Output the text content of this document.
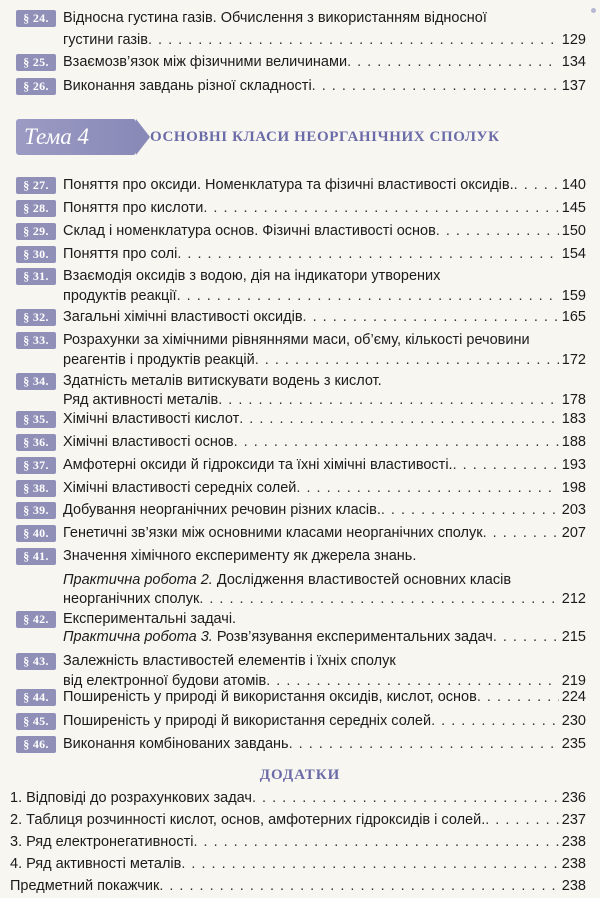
§ 24. Відносна густина газів. Обчислення з використанням відносної
густини газів . . .	129
§ 25. Взаємозв’язок між фізичними величинами . . .	134
§ 26. Виконання завдань різної складності . . .	137
Тема 4	ОСНОВНІ КЛАСИ НЕОРГАНІЧНИХ СПОЛУК
§ 27. Поняття про оксиди. Номенклатура та фізичні властивості оксидів. . . .	140
§ 28. Поняття про кислоти . . .	145
§ 29. Склад і номенклатура основ. Фізичні властивості основ . . .	150
§ 30. Поняття про солі . . .	154
§ 31. Взаємодія оксидів з водою, дія на індикатори утворених
продуктів реакції . . .	159
§ 32. Загальні хімічні властивості оксидів . . .	165
§ 33. Розрахунки за хімічними рівняннями маси, об’єму, кількості речовини
реагентів і продуктів реакцій . . .	172
§ 34. Здатність металів витискувати водень з кислот.
Ряд активності металів . . .	178
§ 35. Хімічні властивості кислот . . .	183
§ 36. Хімічні властивості основ . . .	188
§ 37. Амфотерні оксиди й гідроксиди та їхні хімічні властивості. . . .	193
§ 38. Хімічні властивості середніх солей . . .	198
§ 39. Добування неорганічних речовин різних класів. . . .	203
§ 40. Генетичні зв’язки між основними класами неорганічних сполук . . .	207
§ 41. Значення хімічного експерименту як джерела знань.
Практична робота 2. Дослідження властивостей основних класів
неорганічних сполук . . .	212
§ 42. Експериментальні задачі.
Практична робота 3. Розв’язування експериментальних задач . . .	215
§ 43. Залежність властивостей елементів і їхніх сполук
від електронної будови атомів . . .	219
§ 44. Поширеність у природі й використання оксидів, кислот, основ . . .	224
§ 45. Поширеність у природі й використання середніх солей . . .	230
§ 46. Виконання комбінованих завдань . . .	235
ДОДАТКИ
1. Відповіді до розрахункових задач . . .	236
2. Таблиця розчинності кислот, основ, амфотерних гідроксидів і солей. . . .	237
3. Ряд електронегативності . . .	238
4. Ряд активності металів . . .	238
Предметний покажчик . . .	238
